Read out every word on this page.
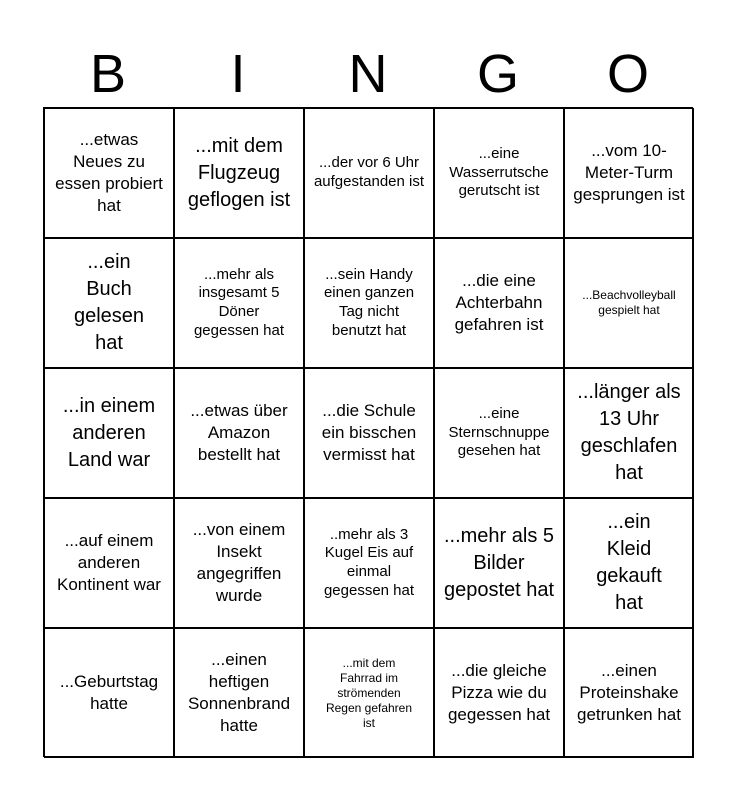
B	I	N	G	O
...etwas Neues zu essen probiert hat
...mit dem Flugzeug geflogen ist
...der vor 6 Uhr aufgestanden ist
...eine Wasserrutsche gerutscht ist
...vom 10-Meter-Turm gesprungen ist
...ein Buch gelesen hat
...mehr als insgesamt 5 Döner gegessen hat
...sein Handy einen ganzen Tag nicht benutzt hat
...die eine Achterbahn gefahren ist
...Beachvolleyball gespielt hat
...in einem anderen Land war
...etwas über Amazon bestellt hat
...die Schule ein bisschen vermisst hat
...eine Sternschnuppe gesehen hat
...länger als 13 Uhr geschlafen hat
...auf einem anderen Kontinent war
...von einem Insekt angegriffen wurde
..mehr als 3 Kugel Eis auf einmal gegessen hat
...mehr als 5 Bilder gepostet hat
...ein Kleid gekauft hat
...Geburtstag hatte
...einen heftigen Sonnenbrand hatte
...mit dem Fahrrad im strömenden Regen gefahren ist
...die gleiche Pizza wie du gegessen hat
...einen Proteinshake getrunken hat
